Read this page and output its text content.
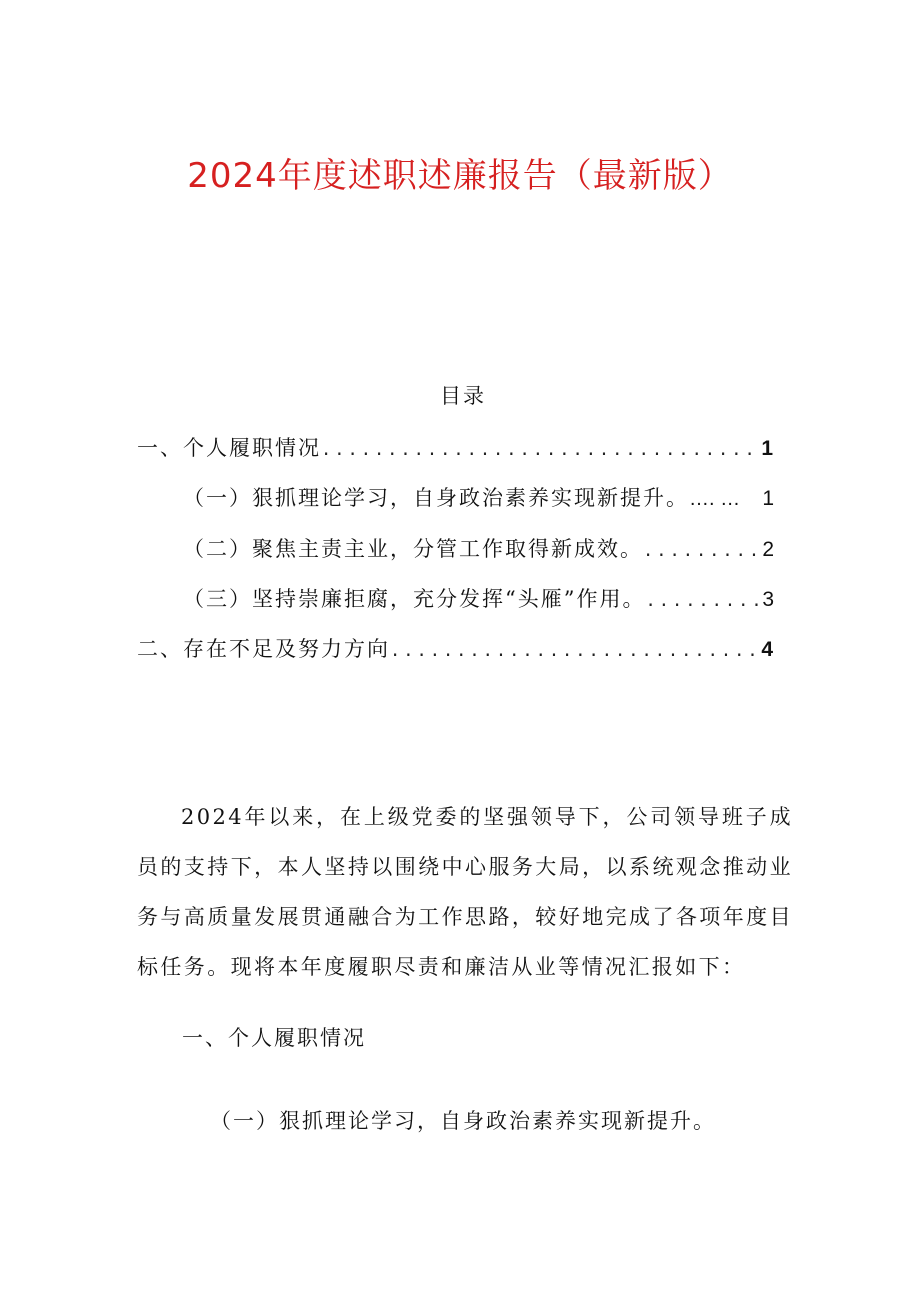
2024年度述职述廉报告（最新版）
目录
一、个人履职情况 .....	1
（一）狠抓理论学习，自身政治素养实现新提升。 …. …	1
（二）聚焦主责主业，分管工作取得新成效。 .....	2
（三）坚持崇廉拒腐，充分发挥“头雁”作用。 .....	3
二、存在不足及努力方向 .....	4

2024年以来，在上级党委的坚强领导下，公司领导班子成员的支持下，本人坚持以围绕中心服务大局，以系统观念推动业务与高质量发展贯通融合为工作思路，较好地完成了各项年度目标任务。现将本年度履职尽责和廉洁从业等情况汇报如下：

一、个人履职情况
（一）狠抓理论学习，自身政治素养实现新提升。
